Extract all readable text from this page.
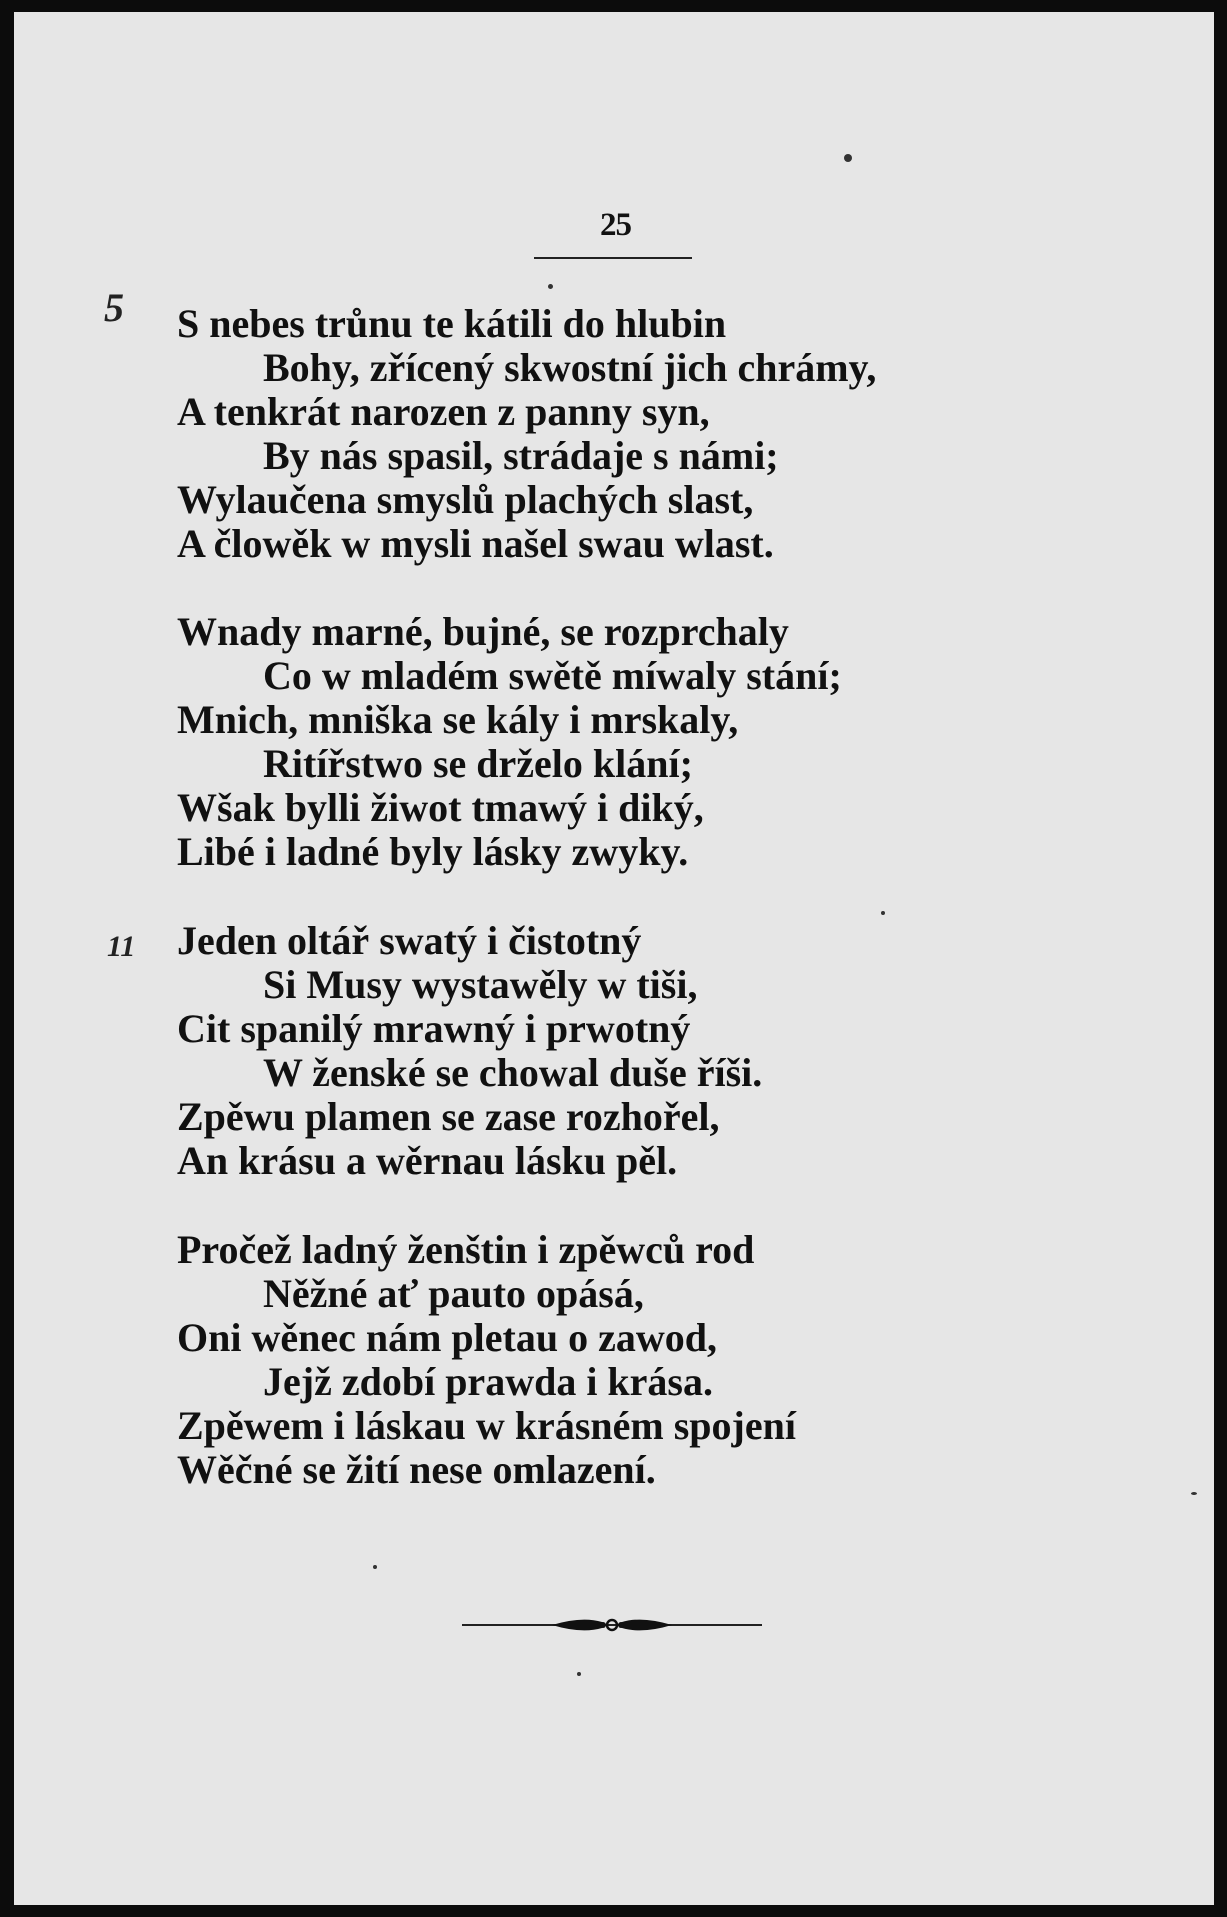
25
5
11
S nebes trůnu te kátili do hlubin
Bohy, zřícený skwostní jich chrámy,
A tenkrát narozen z panny syn,
By nás spasil, strádaje s námi;
Wylaučena smyslů plachých slast,
A člowěk w mysli našel swau wlast.
Wnady marné, bujné, se rozprchaly
Co w mladém swětě míwaly stání;
Mnich, mniška se kály i mrskaly,
Ritířstwo se drželo klání;
Wšak bylli žiwot tmawý i diký,
Libé i ladné byly lásky zwyky.
Jeden oltář swatý i čistotný
Si Musy wystawěly w tiši,
Cit spanilý mrawný i prwotný
W ženské se chowal duše říši.
Zpěwu plamen se zase rozhořel,
An krásu a wěrnau lásku pěl.
Pročež ladný ženštin i zpěwců rod
Něžné ať pauto opásá,
Oni wěnec nám pletau o zawod,
Jejž zdobí prawda i krása.
Zpěwem i láskau w krásném spojení
Wěčné se žití nese omlazení.
